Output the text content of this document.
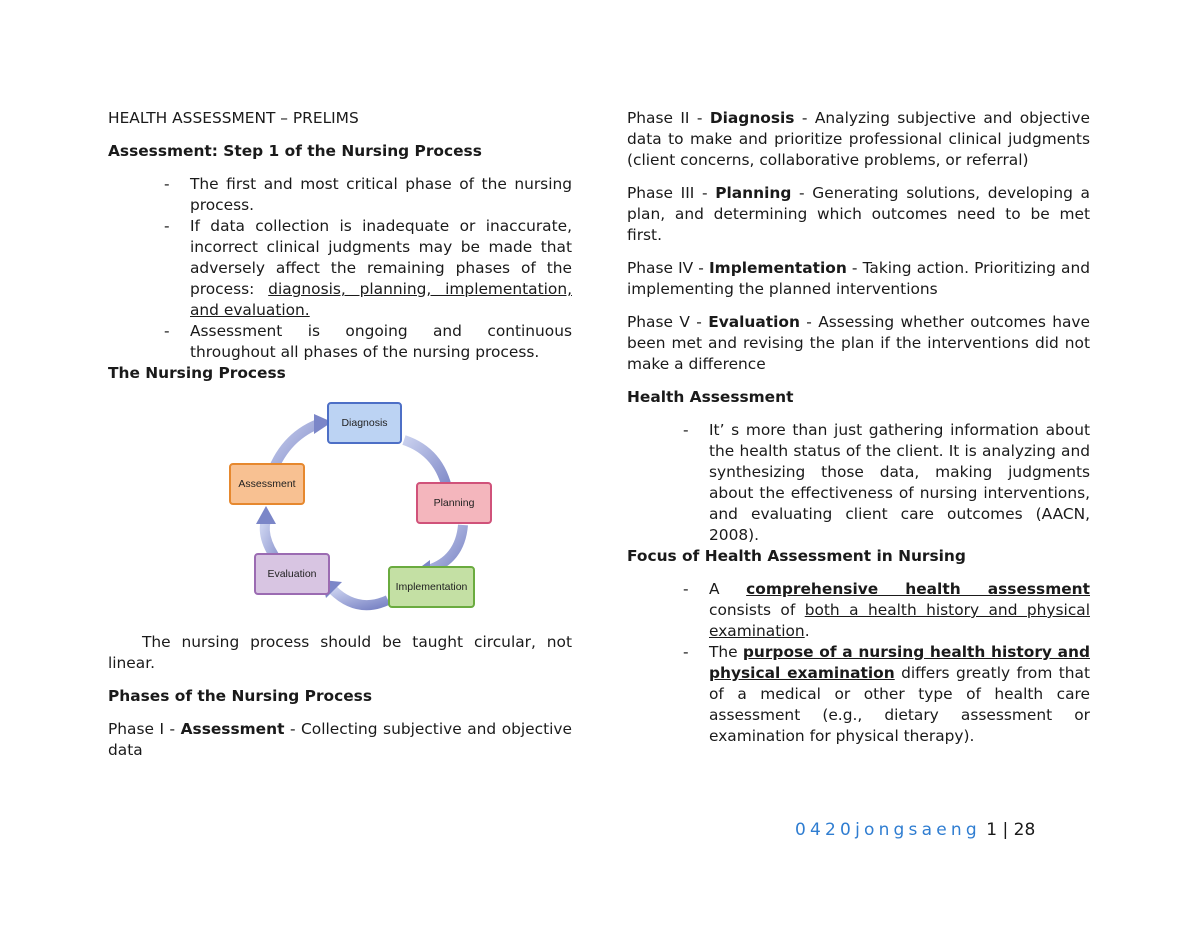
HEALTH ASSESSMENT – PRELIMS

Assessment: Step 1 of the Nursing Process

- The first and most critical phase of the nursing process.
- If data collection is inadequate or inaccurate, incorrect clinical judgments may be made that adversely affect the remaining phases of the process: diagnosis, planning, implementation, and evaluation.
- Assessment is ongoing and continuous throughout all phases of the nursing process.

The Nursing Process

Diagnosis
Planning
Implementation
Evaluation
Assessment

The nursing process should be taught circular, not linear.

Phases of the Nursing Process

Phase I - Assessment - Collecting subjective and objective data

Phase II - Diagnosis - Analyzing subjective and objective data to make and prioritize professional clinical judgments (client concerns, collaborative problems, or referral)

Phase III - Planning - Generating solutions, developing a plan, and determining which outcomes need to be met first.

Phase IV - Implementation - Taking action. Prioritizing and implementing the planned interventions

Phase V - Evaluation - Assessing whether outcomes have been met and revising the plan if the interventions did not make a difference

Health Assessment

- It’ s more than just gathering information about the health status of the client. It is analyzing and synthesizing those data, making judgments about the effectiveness of nursing interventions, and evaluating client care outcomes (AACN, 2008).

Focus of Health Assessment in Nursing

- A comprehensive health assessment consists of both a health history and physical examination.
- The purpose of a nursing health history and physical examination differs greatly from that of a medical or other type of health care assessment (e.g., dietary assessment or examination for physical therapy).
0420jongsaeng 1 | 28
